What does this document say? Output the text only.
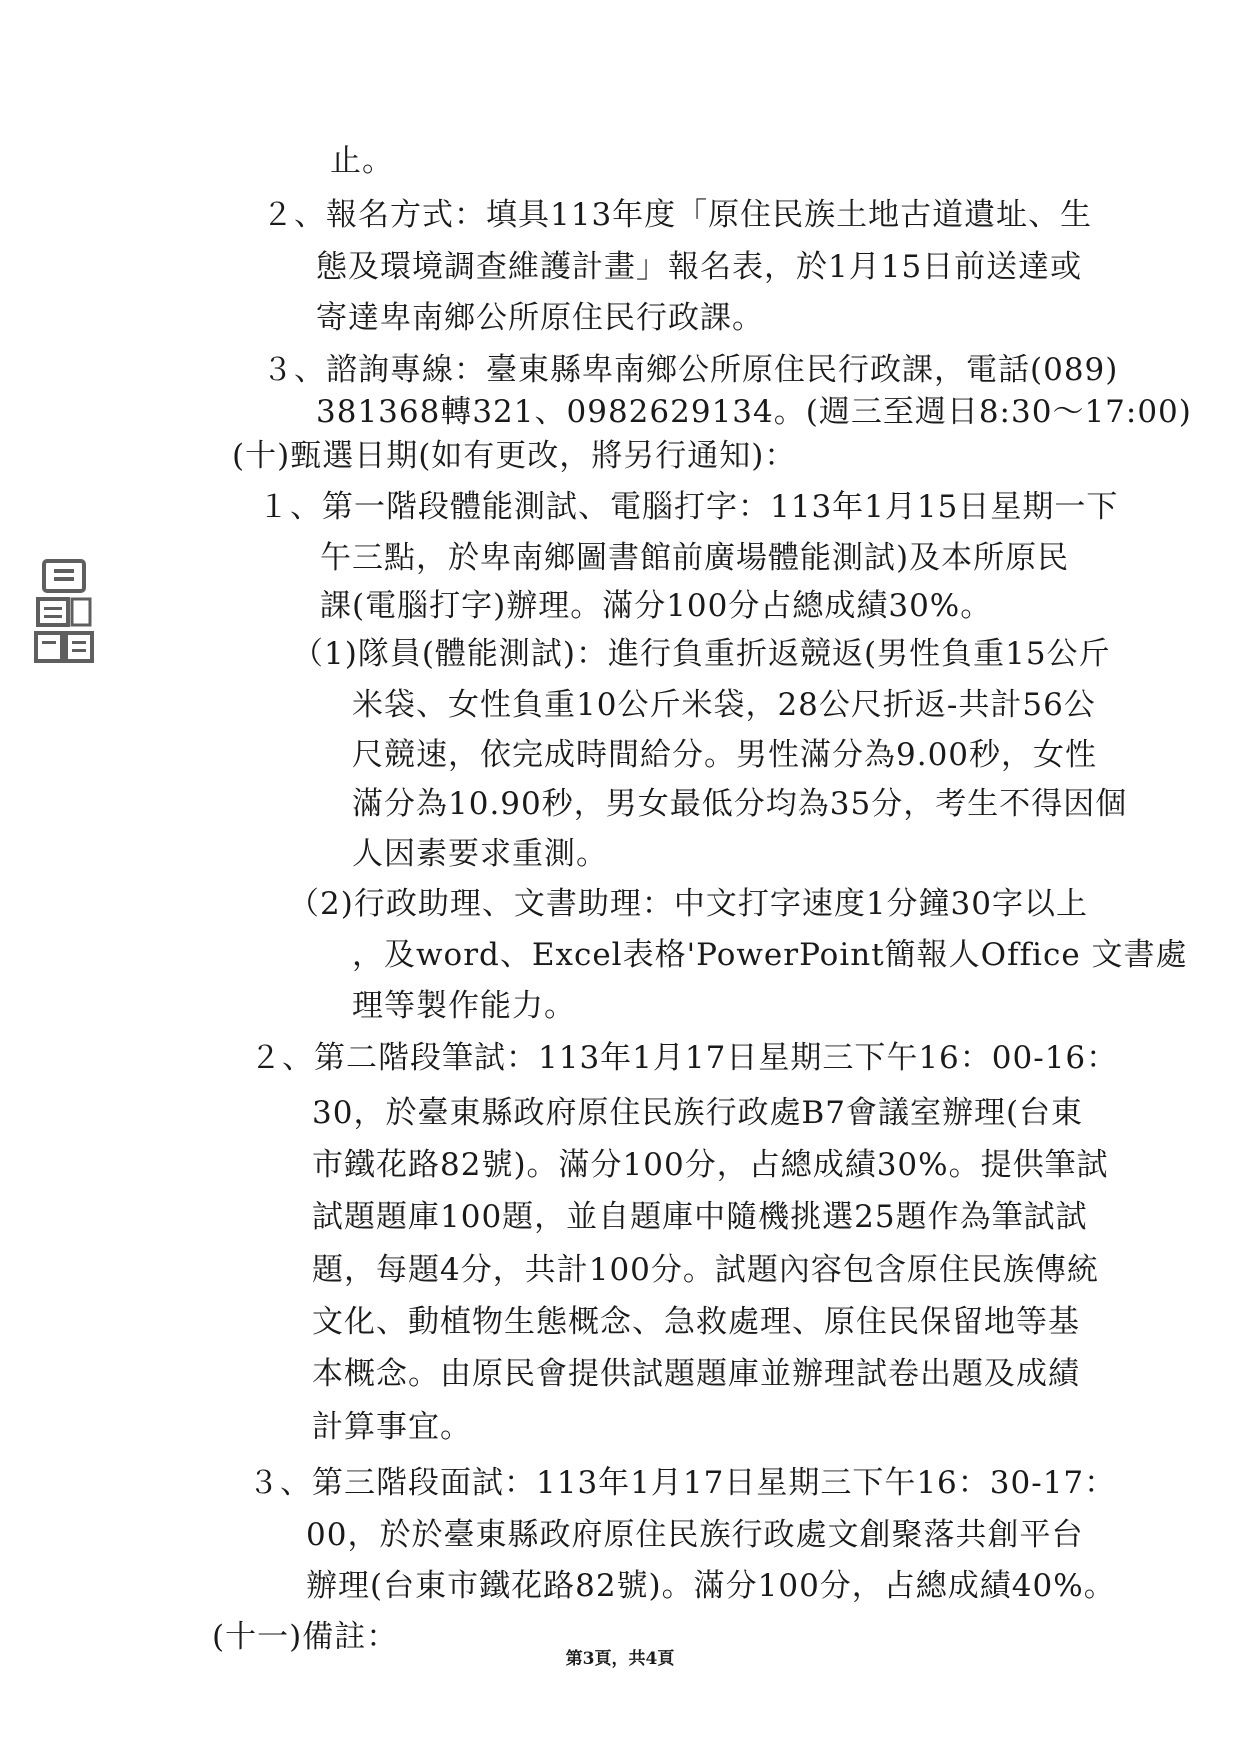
止。
２、報名方式：填具113年度「原住民族土地古道遺址、生
態及環境調查維護計畫」報名表，於1月15日前送達或
寄達卑南鄉公所原住民行政課。
３、諮詢專線：臺東縣卑南鄉公所原住民行政課，電話(089)
381368轉321、0982629134。(週三至週日8:30～17:00)
(十)甄選日期(如有更改，將另行通知)：
１、第一階段體能測試、電腦打字：113年1月15日星期一下
午三點，於卑南鄉圖書館前廣場體能測試)及本所原民
課(電腦打字)辦理。滿分100分占總成績30%。
（1)隊員(體能測試)：進行負重折返競返(男性負重15公斤
米袋、女性負重10公斤米袋，28公尺折返-共計56公
尺競速，依完成時間給分。男性滿分為9.00秒，女性
滿分為10.90秒，男女最低分均為35分，考生不得因個
人因素要求重測。
（2)行政助理、文書助理：中文打字速度1分鐘30字以上
，及word、Excel表格'PowerPoint簡報人Office 文書處
理等製作能力。
２、第二階段筆試：113年1月17日星期三下午16：00-16：
30，於臺東縣政府原住民族行政處B7會議室辦理(台東
市鐵花路82號)。滿分100分，占總成績30%。提供筆試
試題題庫100題，並自題庫中隨機挑選25題作為筆試試
題，每題4分，共計100分。試題內容包含原住民族傳統
文化、動植物生態概念、急救處理、原住民保留地等基
本概念。由原民會提供試題題庫並辦理試卷出題及成績
計算事宜。
３、第三階段面試：113年1月17日星期三下午16：30-17：
00，於於臺東縣政府原住民族行政處文創聚落共創平台
辦理(台東市鐵花路82號)。滿分100分，占總成績40%。
(十一)備註：
第3頁，共4頁
